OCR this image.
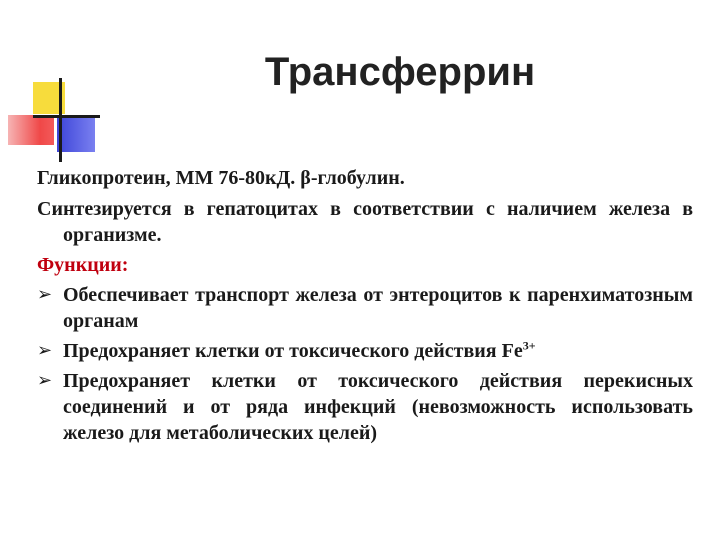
Трансферрин

Гликопротеин, ММ 76-80кД. β-глобулин.

Синтезируется в гепатоцитах в соответствии с наличием железа в организме.

Функции:

➢ Обеспечивает транспорт железа от энтероцитов к паренхиматозным органам
➢ Предохраняет клетки от токсического действия $Fe^{3+}$
➢ Предохраняет клетки от токсического действия перекисных соединений и от ряда инфекций (невозможность использовать железо для метаболических целей)
